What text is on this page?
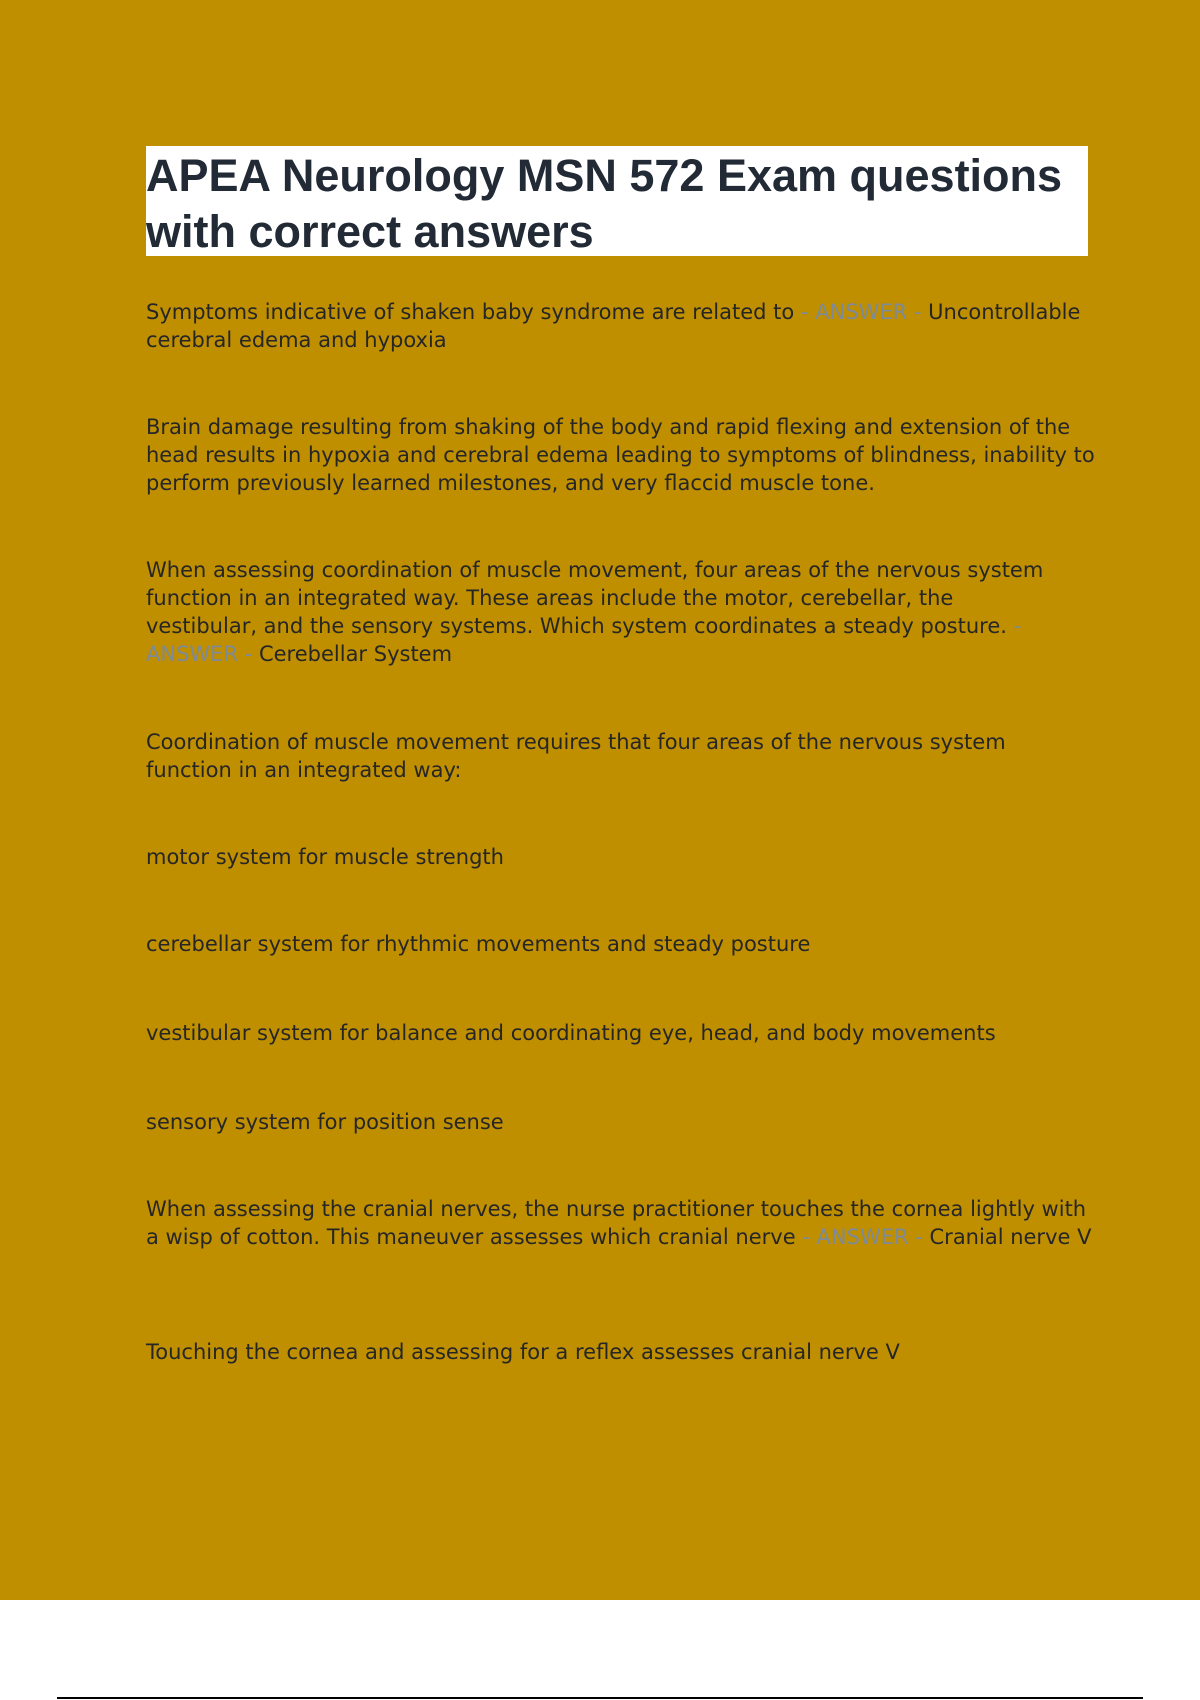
APEA Neurology MSN 572 Exam questions with correct answers

Symptoms indicative of shaken baby syndrome are related to - ANSWER - Uncontrollable cerebral edema and hypoxia

Brain damage resulting from shaking of the body and rapid flexing and extension of the head results in hypoxia and cerebral edema leading to symptoms of blindness, inability to perform previously learned milestones, and very flaccid muscle tone.

When assessing coordination of muscle movement, four areas of the nervous system function in an integrated way. These areas include the motor, cerebellar, the vestibular, and the sensory systems. Which system coordinates a steady posture. - ANSWER - Cerebellar System

Coordination of muscle movement requires that four areas of the nervous system function in an integrated way:

motor system for muscle strength

cerebellar system for rhythmic movements and steady posture

vestibular system for balance and coordinating eye, head, and body movements

sensory system for position sense

When assessing the cranial nerves, the nurse practitioner touches the cornea lightly with a wisp of cotton. This maneuver assesses which cranial nerve - ANSWER - Cranial nerve V

Touching the cornea and assessing for a reflex assesses cranial nerve V
